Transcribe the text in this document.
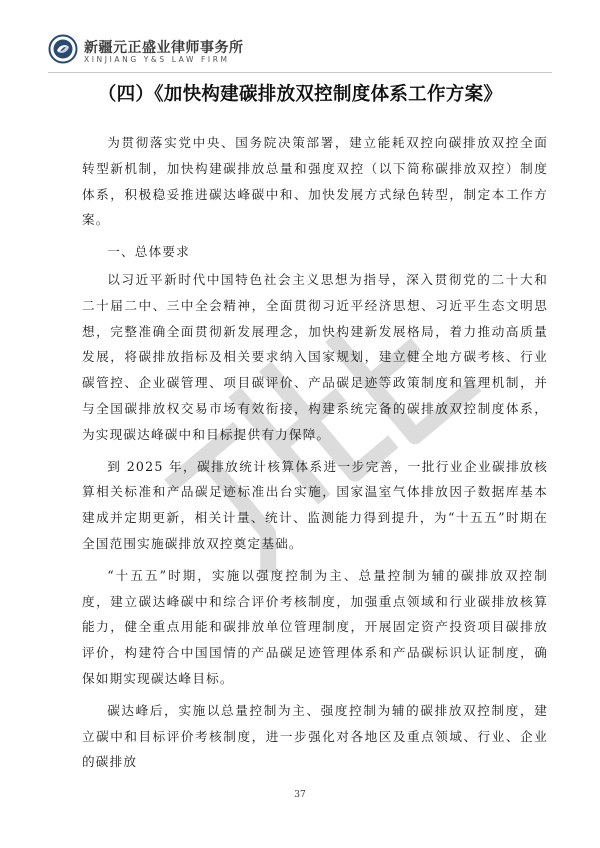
新疆元正盛业律师事务所
XINJIANG Y&S LAW FIRM
（四）《加快构建碳排放双控制度体系工作方案》

为贯彻落实党中央、国务院决策部署，建立能耗双控向碳排放双控全面转型新机制，加快构建碳排放总量和强度双控（以下简称碳排放双控）制度体系，积极稳妥推进碳达峰碳中和、加快发展方式绿色转型，制定本工作方案。

一、总体要求

以习近平新时代中国特色社会主义思想为指导，深入贯彻党的二十大和二十届二中、三中全会精神，全面贯彻习近平经济思想、习近平生态文明思想，完整准确全面贯彻新发展理念，加快构建新发展格局，着力推动高质量发展，将碳排放指标及相关要求纳入国家规划，建立健全地方碳考核、行业碳管控、企业碳管理、项目碳评价、产品碳足迹等政策制度和管理机制，并与全国碳排放权交易市场有效衔接，构建系统完备的碳排放双控制度体系，为实现碳达峰碳中和目标提供有力保障。

到 2025 年，碳排放统计核算体系进一步完善，一批行业企业碳排放核算相关标准和产品碳足迹标准出台实施，国家温室气体排放因子数据库基本建成并定期更新，相关计量、统计、监测能力得到提升，为“十五五”时期在全国范围实施碳排放双控奠定基础。

“十五五”时期，实施以强度控制为主、总量控制为辅的碳排放双控制度，建立碳达峰碳中和综合评价考核制度，加强重点领域和行业碳排放核算能力，健全重点用能和碳排放单位管理制度，开展固定资产投资项目碳排放评价，构建符合中国国情的产品碳足迹管理体系和产品碳标识认证制度，确保如期实现碳达峰目标。

碳达峰后，实施以总量控制为主、强度控制为辅的碳排放双控制度，建立碳中和目标评价考核制度，进一步强化对各地区及重点领域、行业、企业的碳排放

37
